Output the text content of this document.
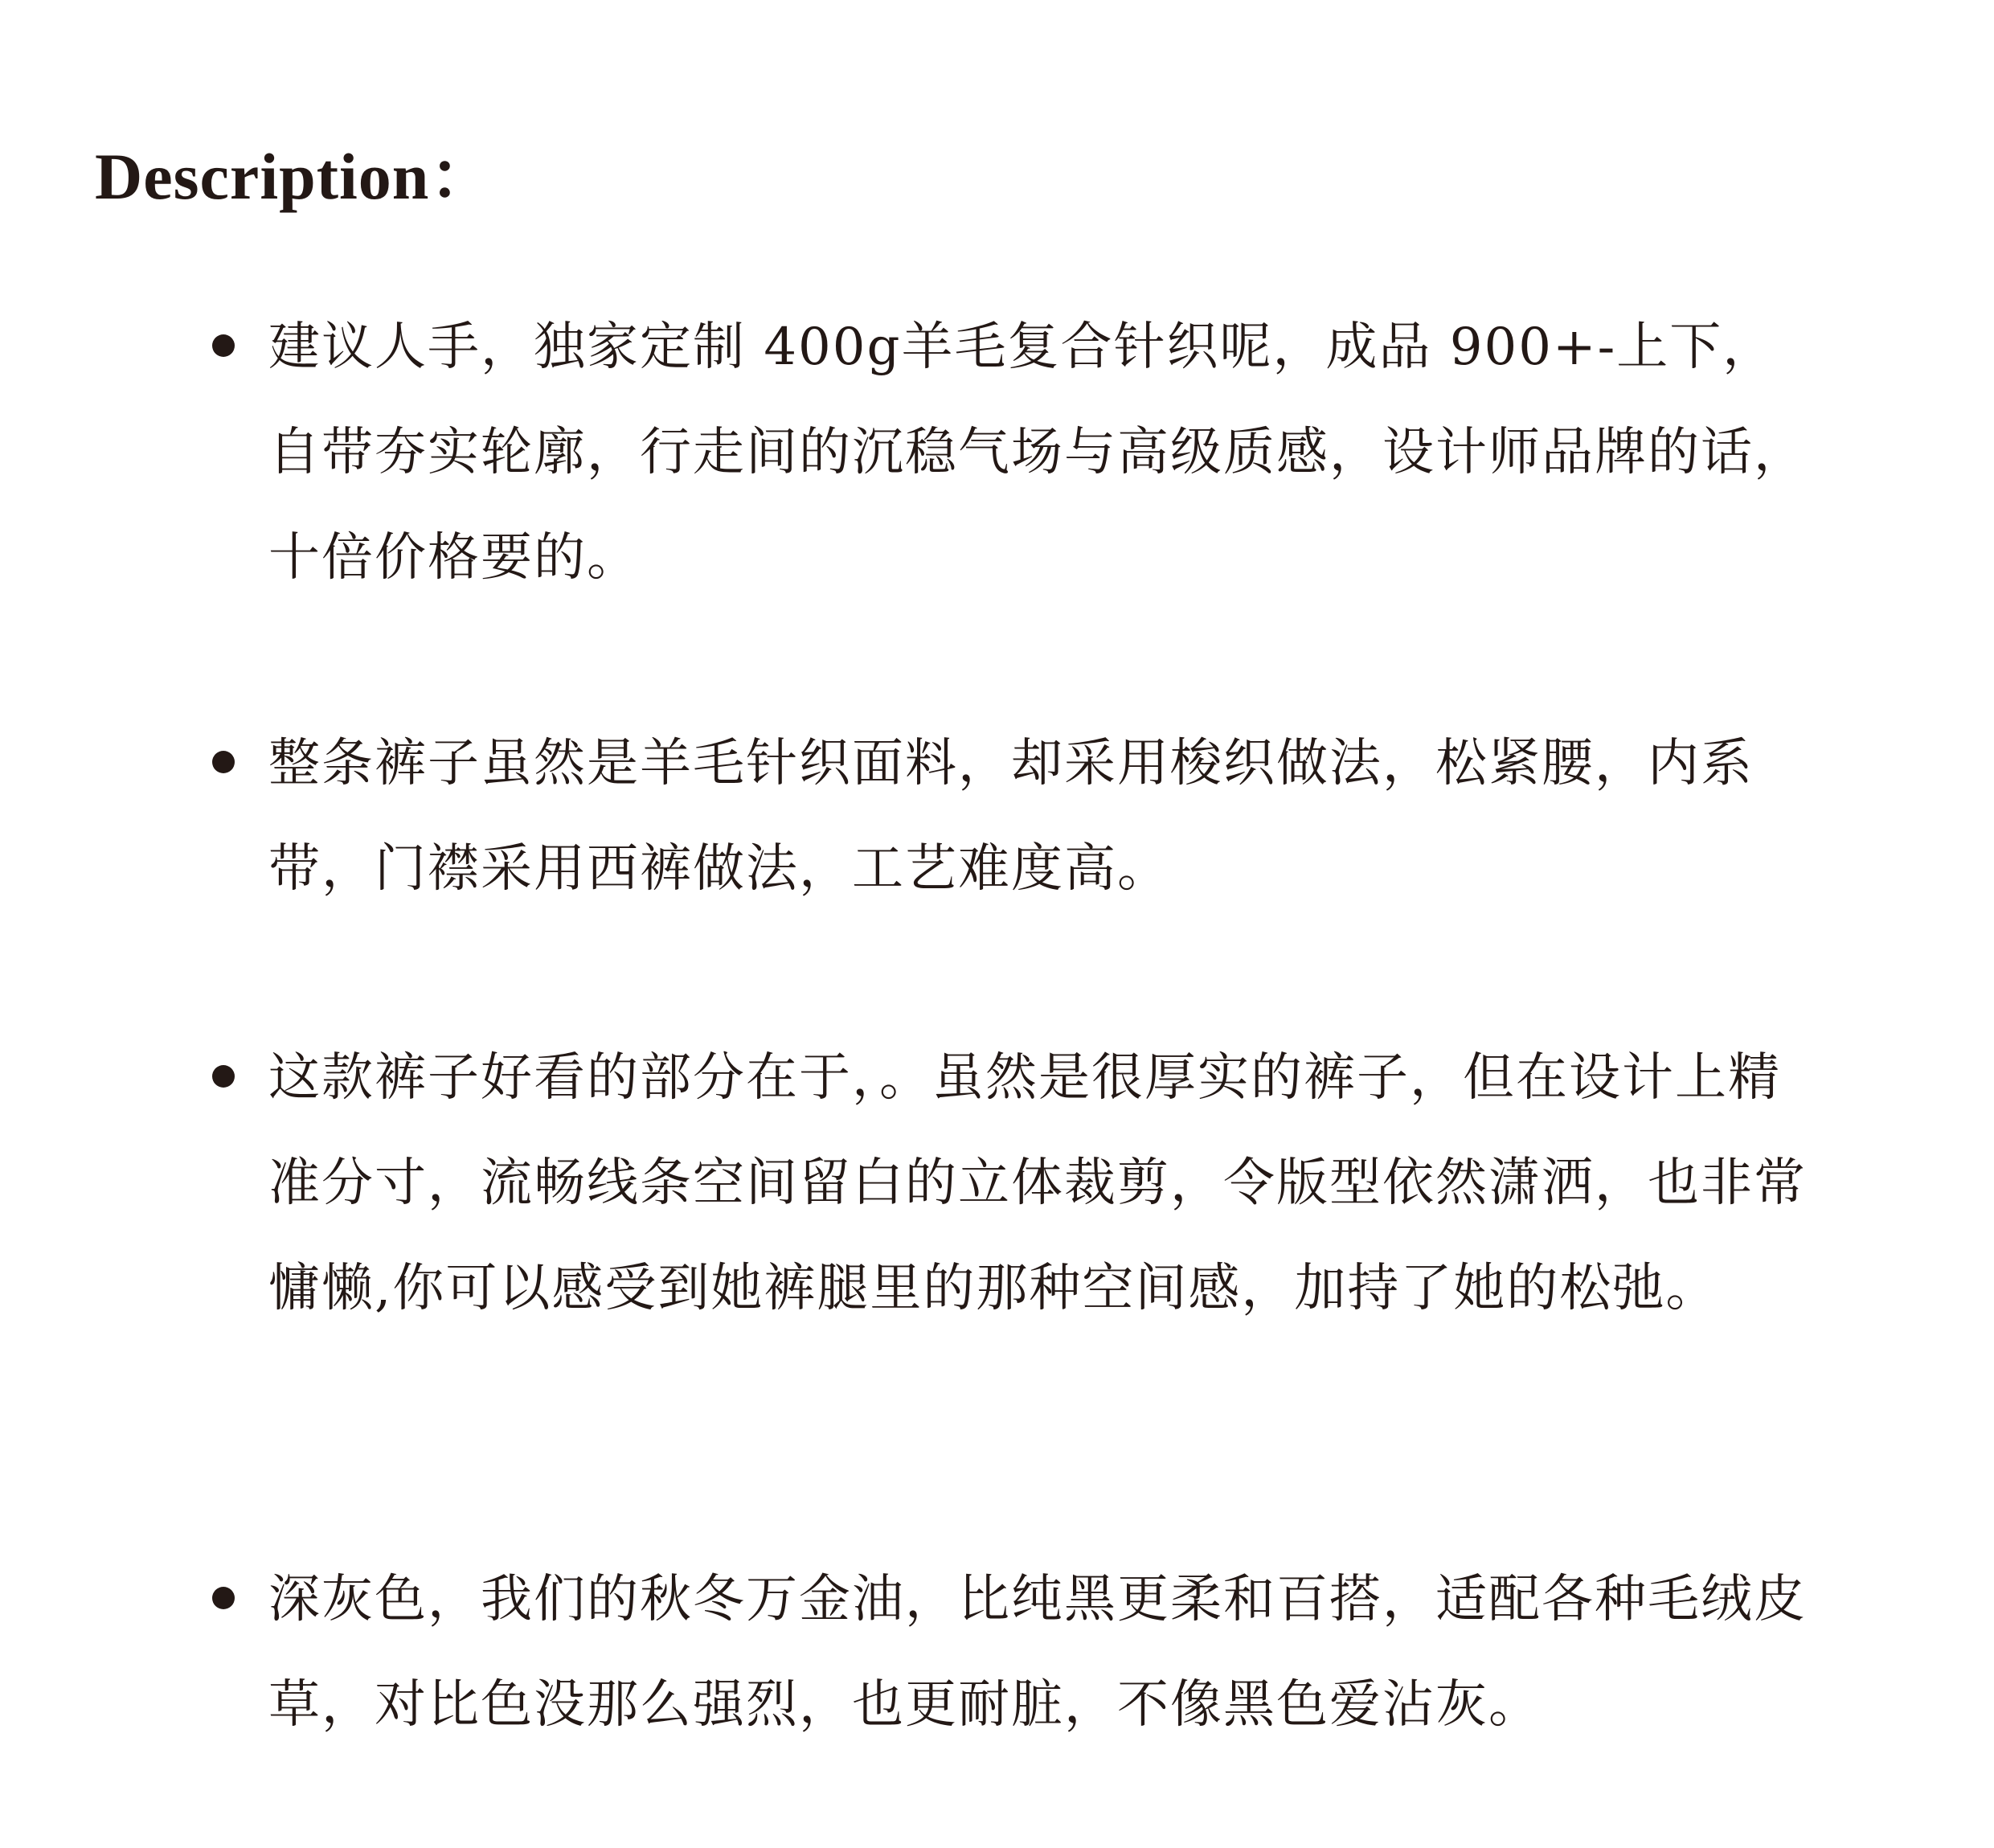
Description：

建议人手，独家定制 400g羊毛复合针织呢，成品 900+-上下，自带夯实轮廓，行走间的沉稳气场与高级质感，设计师品牌的话，十倍价格要的。

整条裤子虽然是羊毛针织面料，却采用梭织做法，松紧腰，内系带，门襟采用西裤做法，工艺难度高。

这款裤子好看的部分在于，。虽然是很厚实的裤子，但在设计上精准分寸，流畅线条空间留白的立体裁剪，令版型依然潇洒，也非常慵懒,你可以感受到她裤腿里的那种空间感，加持了她的松弛。

深灰色，我们的秋冬万金油，比纯黑更柔和百搭，适配各种毛绒皮草，对比色没那么强烈，也更耐脏，不像黑色爱沾灰。
